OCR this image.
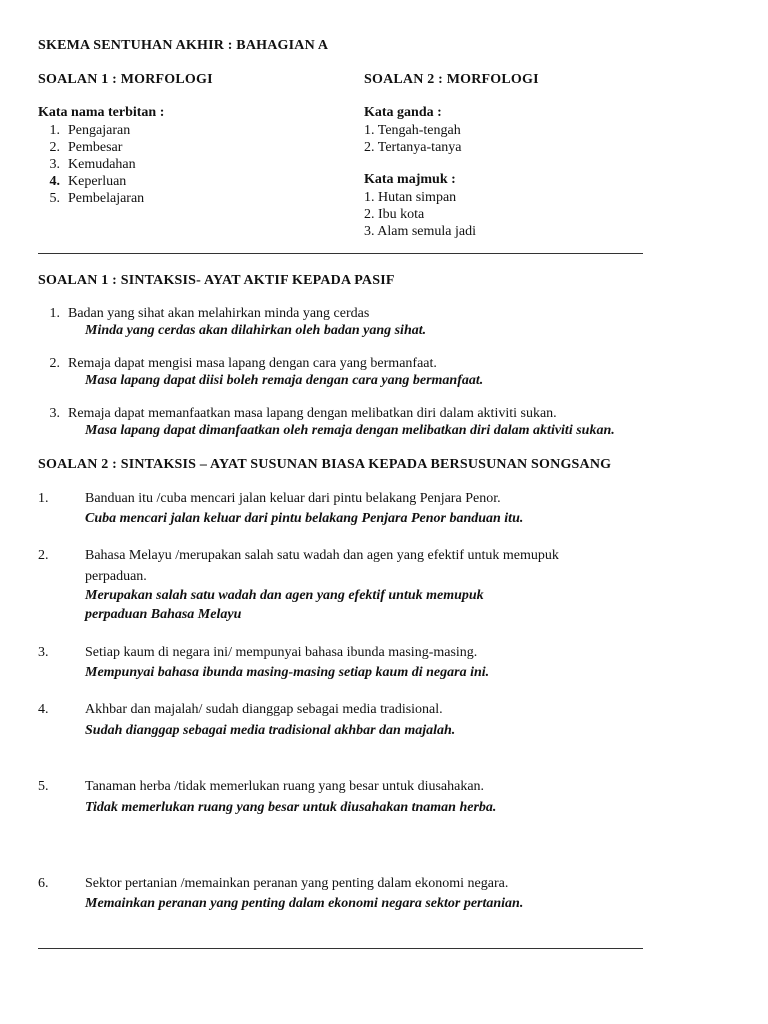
SKEMA SENTUHAN AKHIR : BAHAGIAN A
SOALAN 1 : MORFOLOGI
Kata nama terbitan :
1. Pengajaran
2. Pembesar
3. Kemudahan
4. Keperluan
5. Pembelajaran
SOALAN 2 : MORFOLOGI
Kata ganda :
1. Tengah-tengah
2. Tertanya-tanya
Kata majmuk :
1. Hutan simpan
2. Ibu kota
3. Alam semula jadi
SOALAN 1 : SINTAKSIS- AYAT AKTIF KEPADA PASIF
1. Badan yang sihat akan melahirkan minda yang cerdas
Minda yang cerdas akan dilahirkan oleh badan yang sihat.
2. Remaja dapat mengisi masa lapang dengan cara yang bermanfaat.
Masa lapang dapat diisi boleh remaja dengan cara yang bermanfaat.
3. Remaja dapat memanfaatkan masa lapang dengan melibatkan diri dalam aktiviti sukan.
Masa lapang dapat dimanfaatkan oleh remaja dengan melibatkan diri dalam aktiviti sukan.
SOALAN 2 : SINTAKSIS – AYAT SUSUNAN BIASA KEPADA BERSUSUNAN SONGSANG
1.	Banduan itu /cuba mencari jalan keluar dari pintu belakang Penjara Penor.
Cuba mencari jalan keluar dari pintu belakang Penjara Penor banduan itu.
2.	Bahasa Melayu /merupakan salah satu wadah dan agen yang efektif untuk memupuk
perpaduan.
Merupakan salah satu wadah dan agen yang efektif untuk memupuk
perpaduan Bahasa Melayu
3.	Setiap kaum di negara ini/ mempunyai bahasa ibunda masing-masing.
Mempunyai bahasa ibunda masing-masing setiap kaum di negara ini.
4.	Akhbar dan majalah/ sudah dianggap sebagai media tradisional.
Sudah dianggap sebagai media tradisional akhbar dan majalah.
5.	Tanaman herba /tidak memerlukan ruang yang besar untuk diusahakan.
Tidak memerlukan ruang yang besar untuk diusahakan tnaman herba.
6.	Sektor pertanian /memainkan peranan yang penting dalam ekonomi negara.
Memainkan peranan yang penting dalam ekonomi negara sektor pertanian.
